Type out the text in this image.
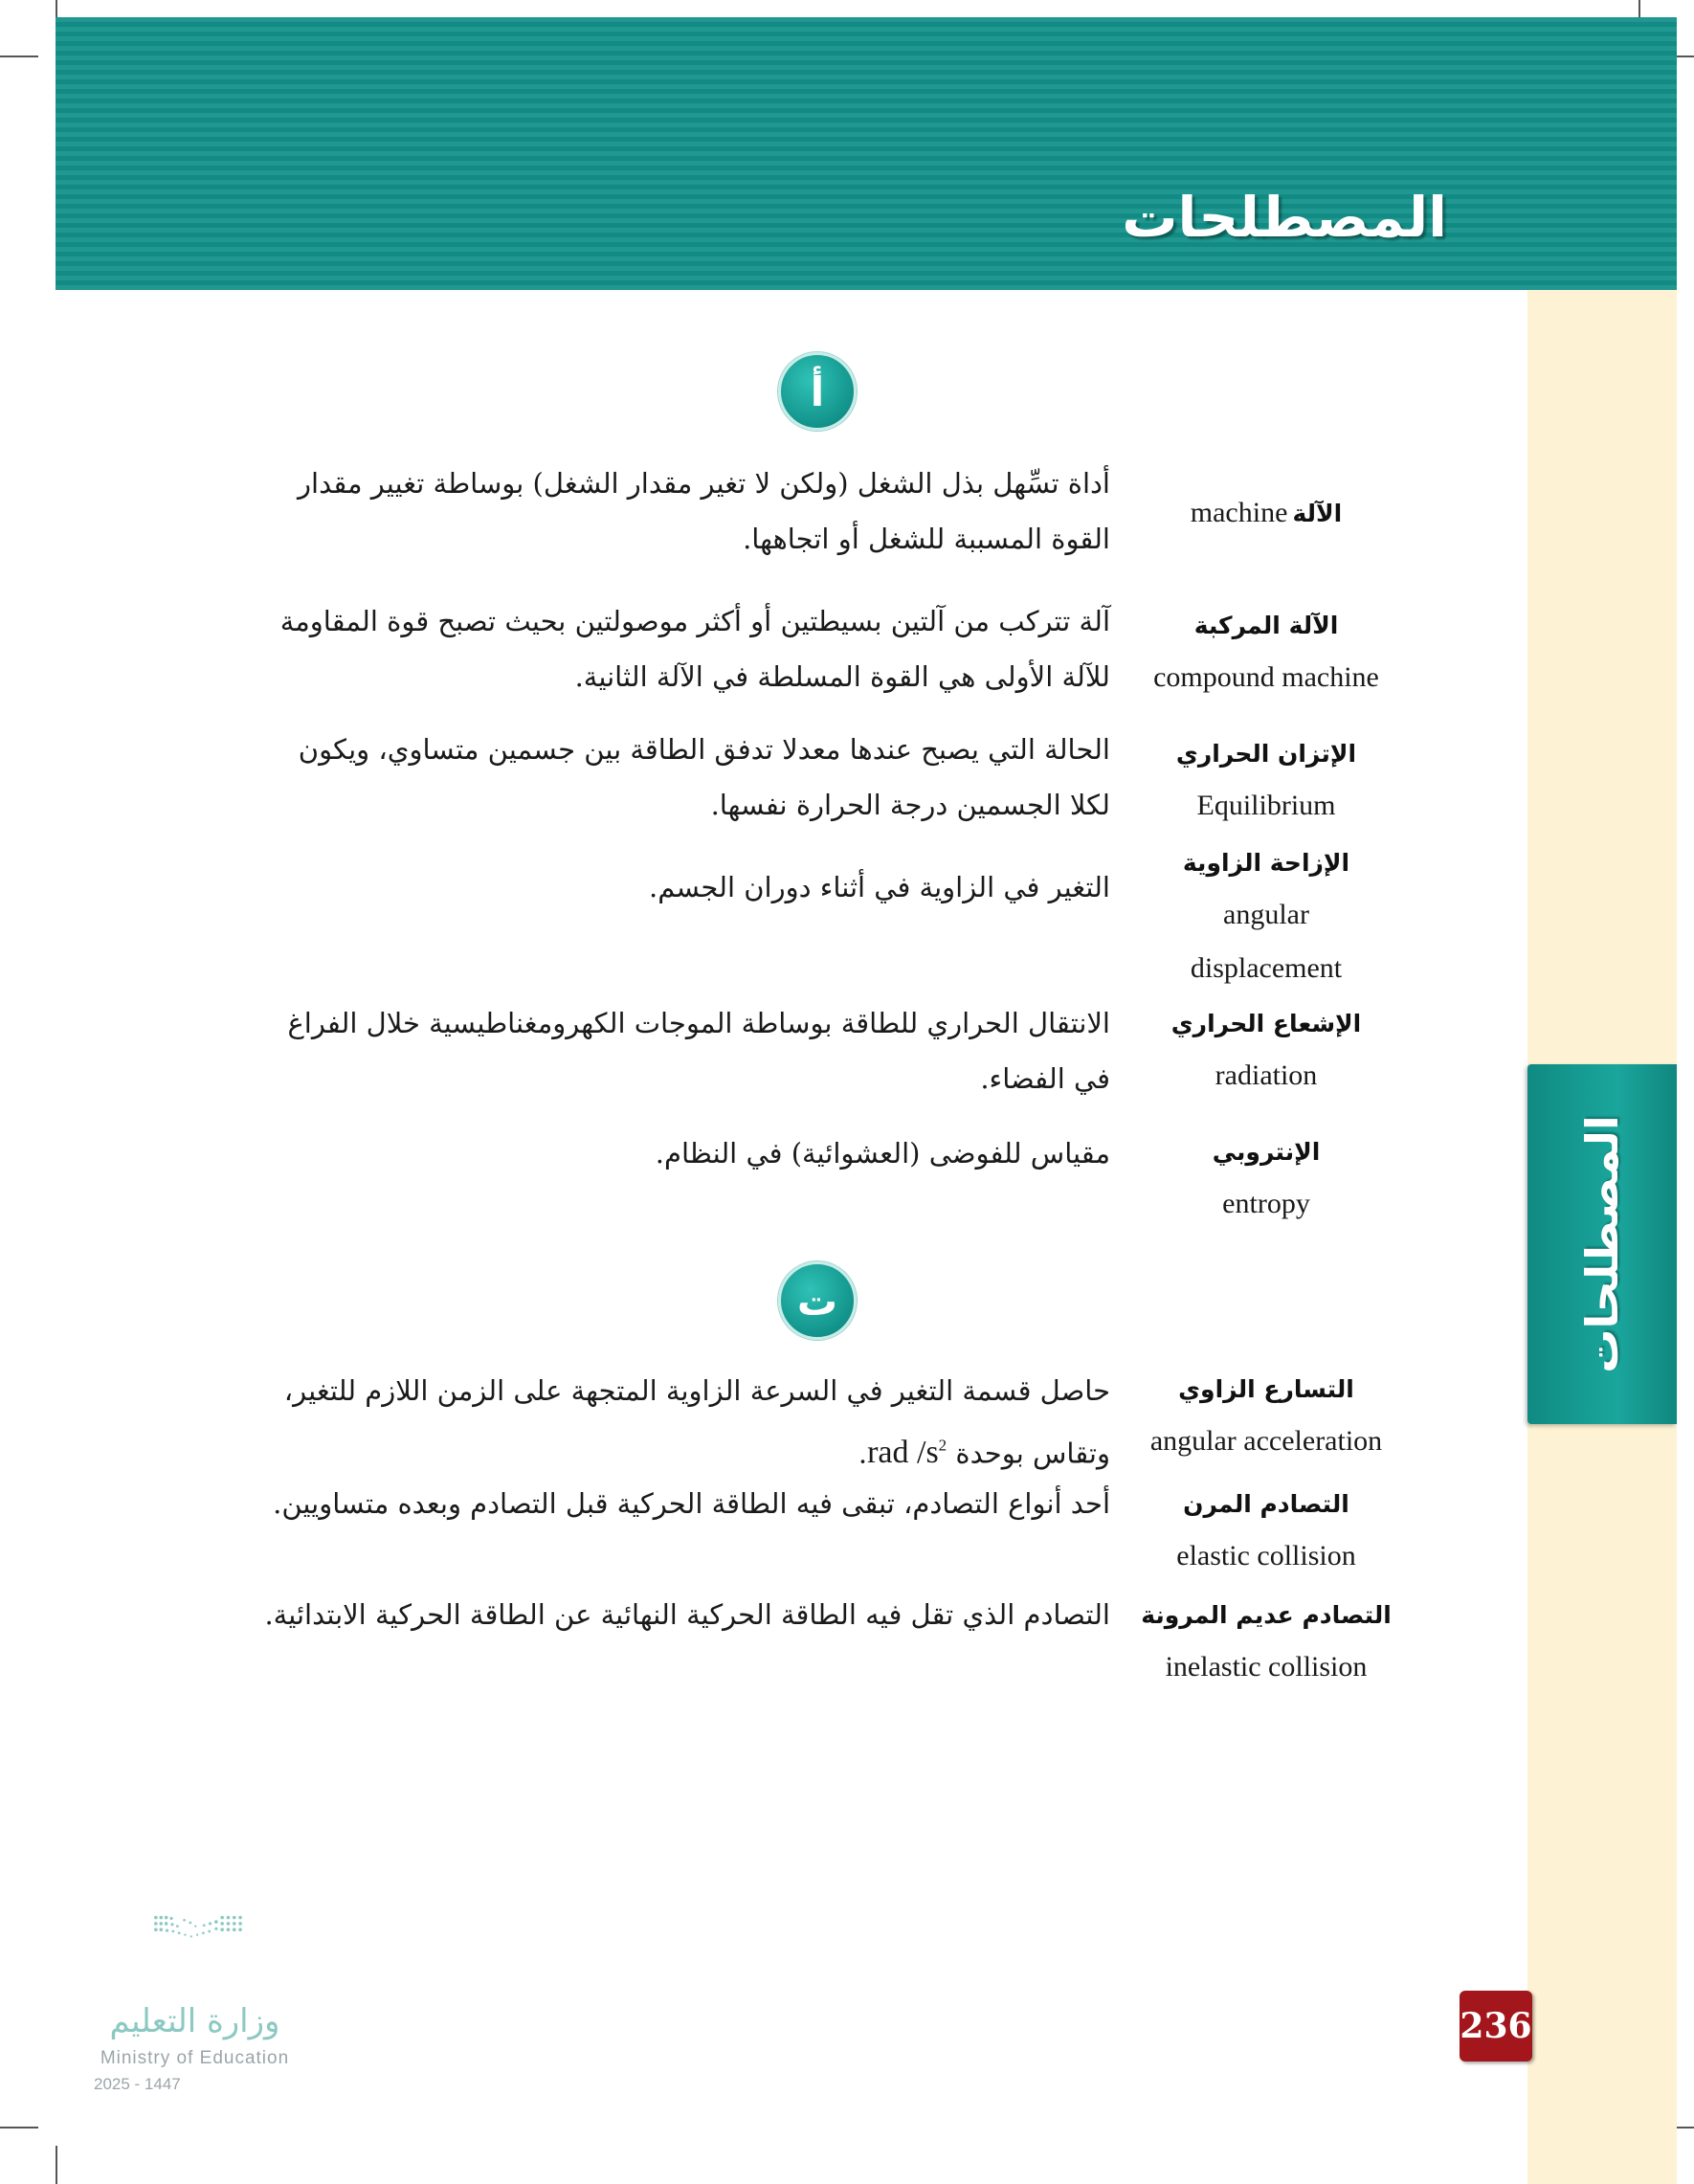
المصطلحات
المصطلحات
236
أ
machine الآلة
أداة تسِّهل بذل الشغل (ولكن لا تغير مقدار الشغل) بوساطة تغيير مقدار القوة المسببة للشغل أو اتجاهها.
الآلة المركبة
compound machine
آلة تتركب من آلتين بسيطتين أو أكثر موصولتين بحيث تصبح قوة المقاومة للآلة الأولى هي القوة المسلطة في الآلة الثانية.
الإتزان الحراري
Equilibrium
الحالة التي يصبح عندها معدلا تدفق الطاقة بين جسمين متساوي، ويكون لكلا الجسمين درجة الحرارة نفسها.
الإزاحة الزاوية
angular displacement
التغير في الزاوية في أثناء دوران الجسم.
الإشعاع الحراري
radiation
الانتقال الحراري للطاقة بوساطة الموجات الكهرومغناطيسية خلال الفراغ في الفضاء.
الإنتروبي
entropy
مقياس للفوضى (العشوائية) في النظام.
ت
التسارع الزاوي
angular acceleration
حاصل قسمة التغير في السرعة الزاوية المتجهة على الزمن اللازم للتغير، وتقاس بوحدة rad $/s^2$.
التصادم المرن
elastic collision
أحد أنواع التصادم، تبقى فيه الطاقة الحركية قبل التصادم وبعده متساويين.
التصادم عديم المرونة
inelastic collision
التصادم الذي تقل فيه الطاقة الحركية النهائية عن الطاقة الحركية الابتدائية.
وزارة التعليم
Ministry of Education
2025 - 1447
